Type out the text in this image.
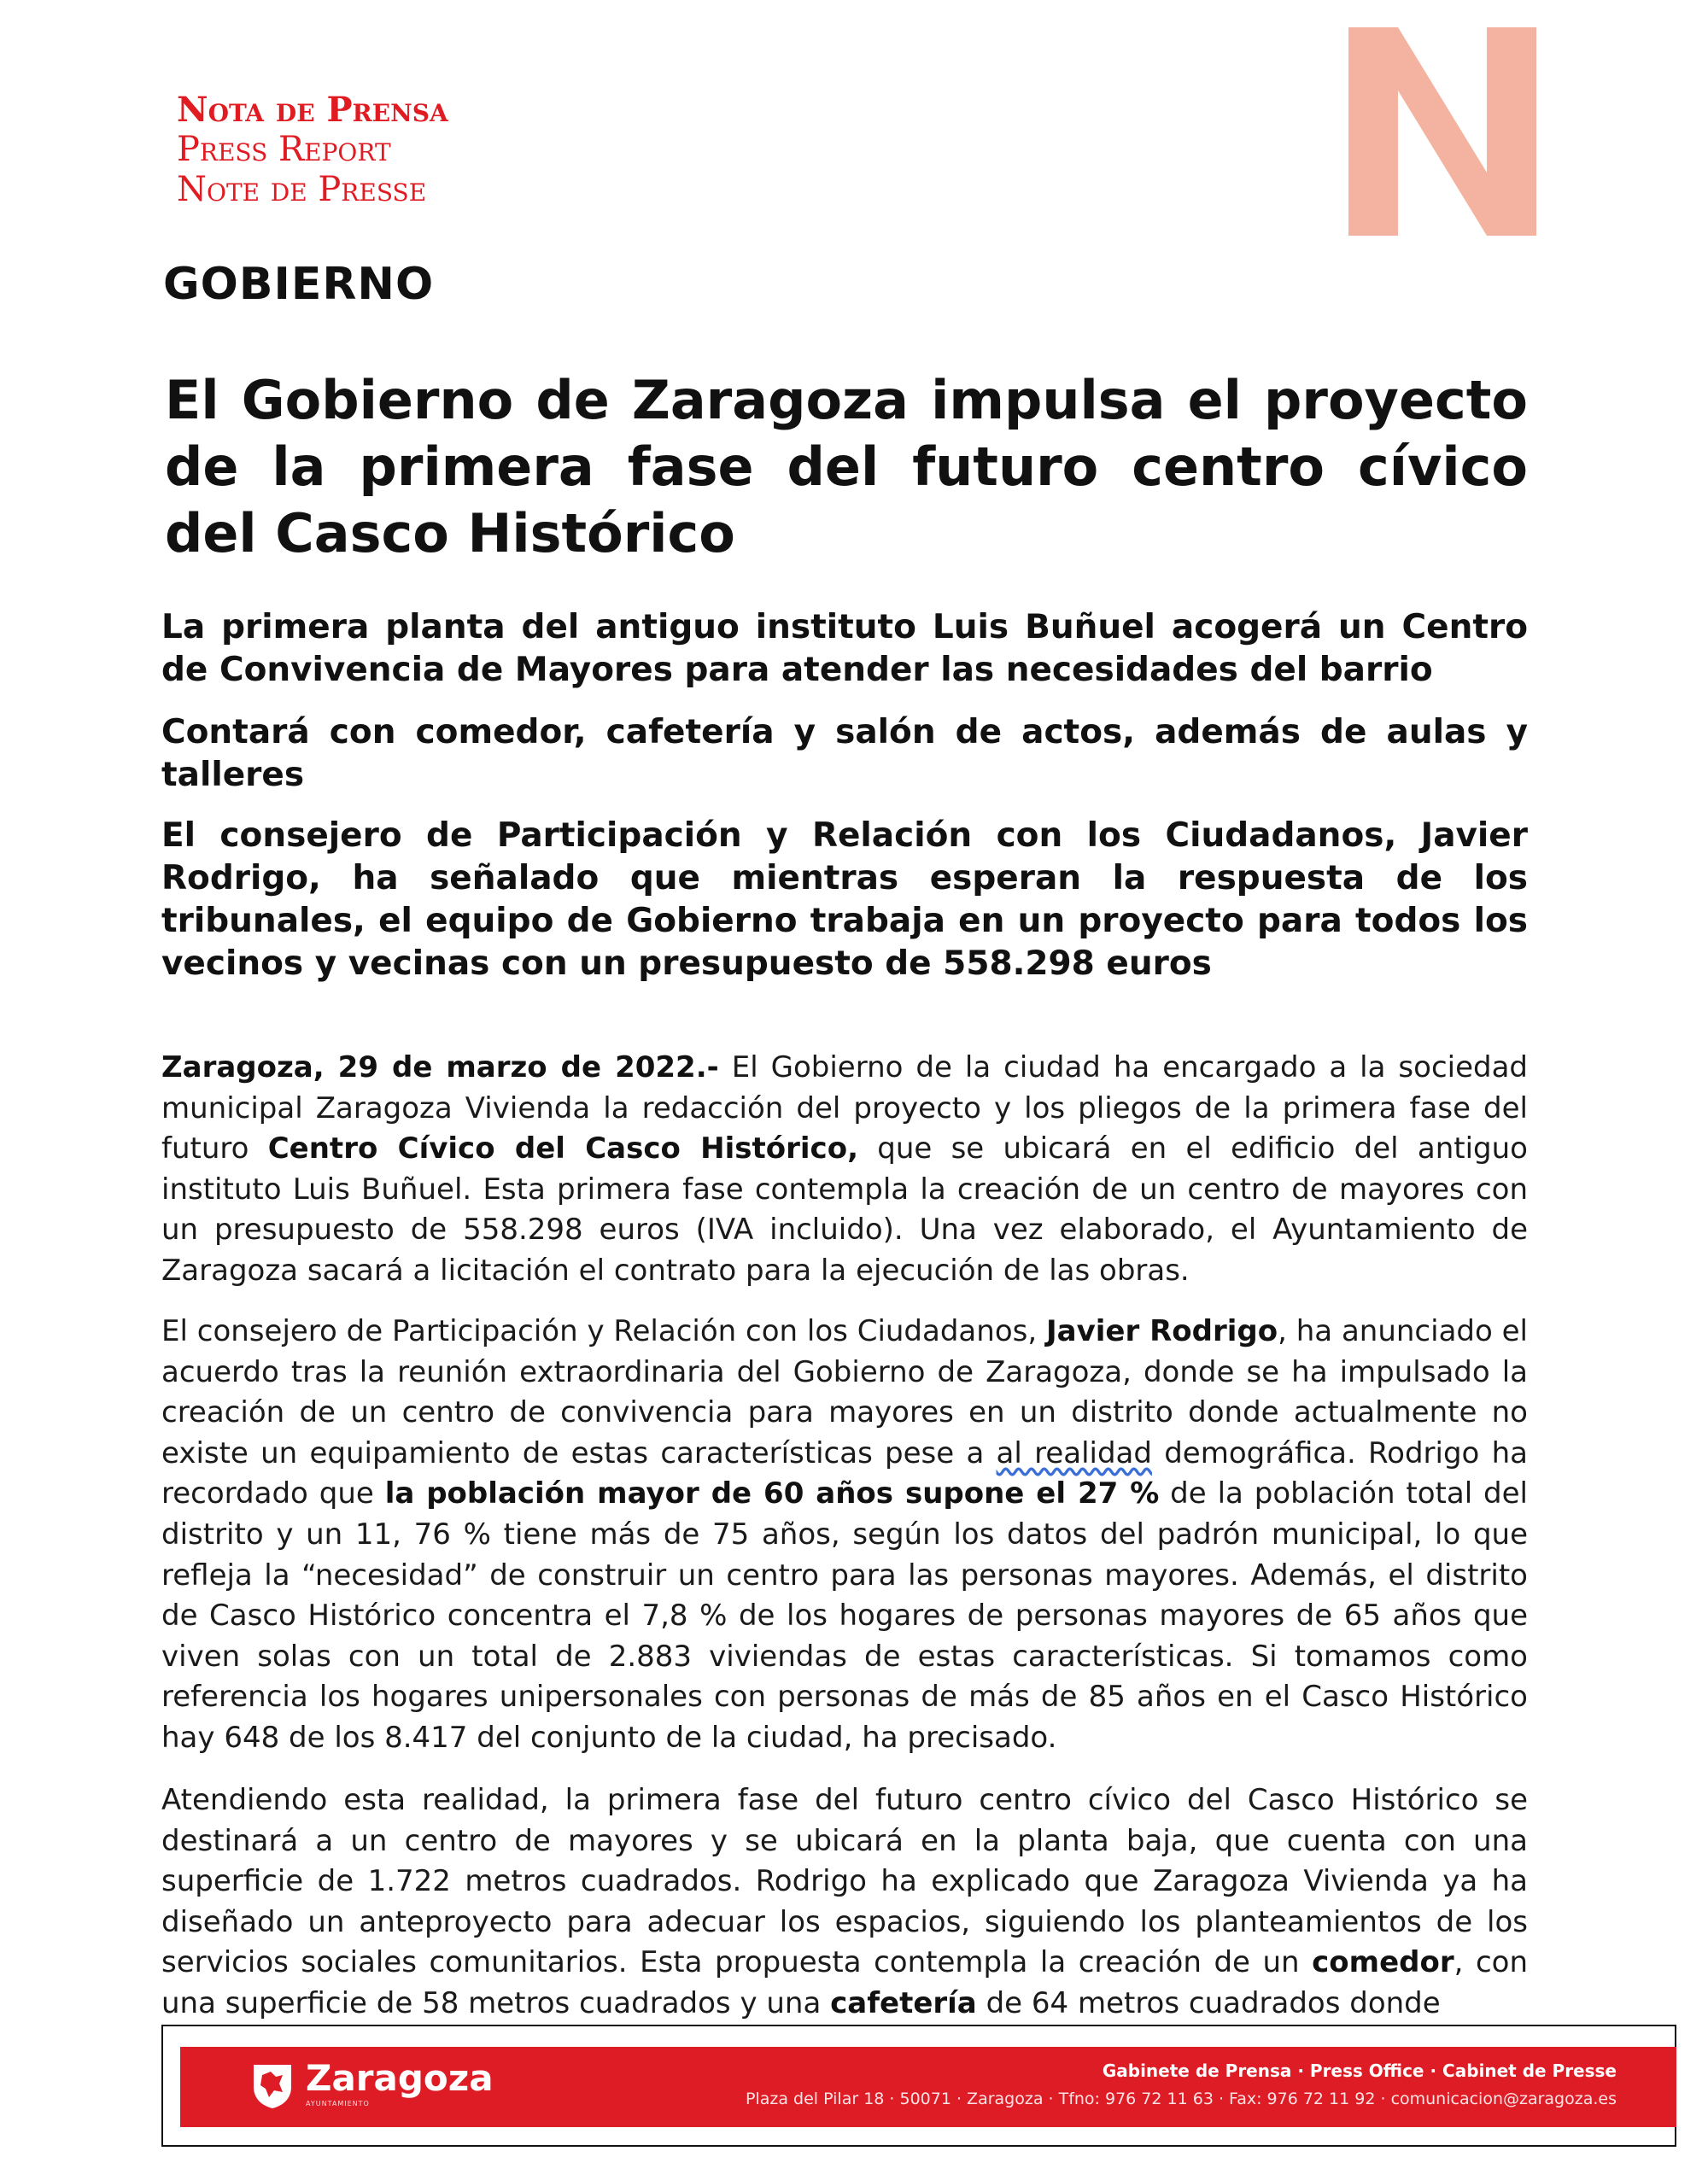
Nota de Prensa
Press Report
Note de Presse
GOBIERNO
El Gobierno de Zaragoza impulsa el proyecto de la primera fase del futuro centro cívico del Casco Histórico
La primera planta del antiguo instituto Luis Buñuel acogerá un Centro de Convivencia de Mayores para atender las necesidades del barrio
Contará con comedor, cafetería y salón de actos, además de aulas y talleres
El consejero de Participación y Relación con los Ciudadanos, Javier Rodrigo, ha señalado que mientras esperan la respuesta de los tribunales, el equipo de Gobierno trabaja en un proyecto para todos los vecinos y vecinas con un presupuesto de 558.298 euros
Zaragoza, 29 de marzo de 2022.- El Gobierno de la ciudad ha encargado a la sociedad municipal Zaragoza Vivienda la redacción del proyecto y los pliegos de la primera fase del futuro Centro Cívico del Casco Histórico, que se ubicará en el edificio del antiguo instituto Luis Buñuel. Esta primera fase contempla la creación de un centro de mayores con un presupuesto de 558.298 euros (IVA incluido). Una vez elaborado, el Ayuntamiento de Zaragoza sacará a licitación el contrato para la ejecución de las obras.
El consejero de Participación y Relación con los Ciudadanos, Javier Rodrigo, ha anunciado el acuerdo tras la reunión extraordinaria del Gobierno de Zaragoza, donde se ha impulsado la creación de un centro de convivencia para mayores en un distrito donde actualmente no existe un equipamiento de estas características pese a al realidad demográfica. Rodrigo ha recordado que la población mayor de 60 años supone el 27 % de la población total del distrito y un 11, 76 % tiene más de 75 años, según los datos del padrón municipal, lo que refleja la “necesidad” de construir un centro para las personas mayores. Además, el distrito de Casco Histórico concentra el 7,8 % de los hogares de personas mayores de 65 años que viven solas con un total de 2.883 viviendas de estas características. Si tomamos como referencia los hogares unipersonales con personas de más de 85 años en el Casco Histórico hay 648 de los 8.417 del conjunto de la ciudad, ha precisado.
Atendiendo esta realidad, la primera fase del futuro centro cívico del Casco Histórico se destinará a un centro de mayores y se ubicará en la planta baja, que cuenta con una superficie de 1.722 metros cuadrados. Rodrigo ha explicado que Zaragoza Vivienda ya ha diseñado un anteproyecto para adecuar los espacios, siguiendo los planteamientos de los servicios sociales comunitarios. Esta propuesta contempla la creación de un comedor, con una superficie de 58 metros cuadrados y una cafetería de 64 metros cuadrados donde
Zaragoza
AYUNTAMIENTO
Gabinete de Prensa · Press Office · Cabinet de Presse
Plaza del Pilar 18 · 50071 · Zaragoza · Tfno: 976 72 11 63 · Fax: 976 72 11 92 · comunicacion@zaragoza.es
